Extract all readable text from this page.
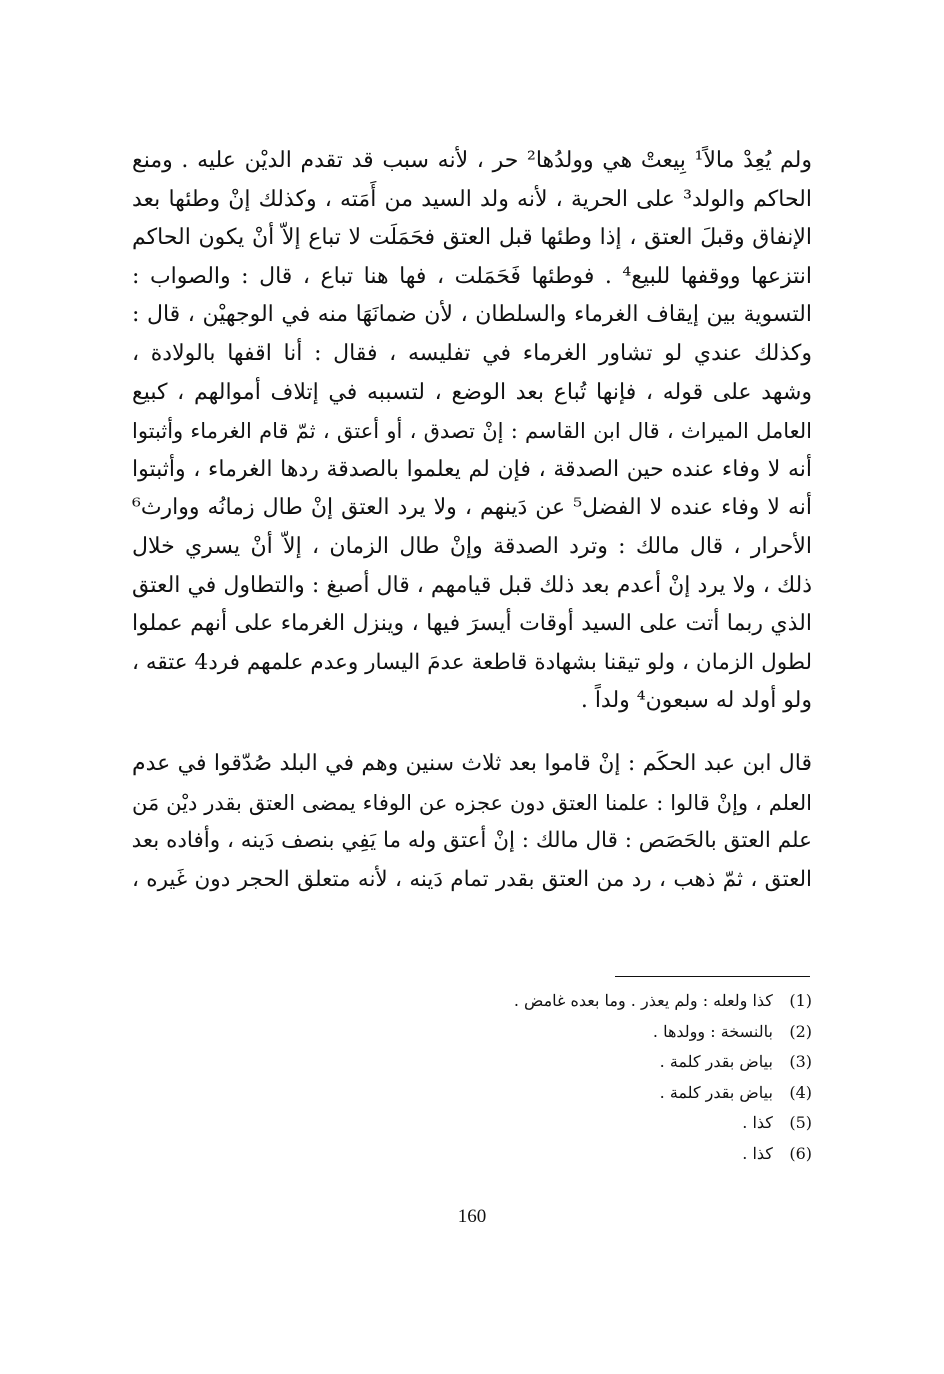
ولم يُعِدْ مالاً¹ بِيعتْ هي وولدُها² حر ، لأنه سبب قد تقدم الديْن عليه . ومنع
الحاكم والولد³ على الحرية ، لأنه ولد السيد من أَمَته ، وكذلك إنْ وطئها بعد
الإنفاق وقبلَ العتق ، إذا وطئها قبل العتق فحَمَلَت لا تباع إلاّ أنْ يكون الحاكم
انتزعها ووقفها للبيع⁴ . فوطئها فَحَمَلت ، فها هنا تباع ، قال : والصواب :
التسوية بين إيقاف الغرماء والسلطان ، لأن ضمانَهَا منه في الوجهيْن ، قال :
وكذلك عندي لو تشاور الغرماء في تفليسه ، فقال : أنا اقفها بالولادة ،
وشهد على قوله ، فإنها تُباع بعد الوضع ، لتسببه في إتلاف أموالهم ، كبيع
العامل الميراث ، قال ابن القاسم : إنْ تصدق ، أو أعتق ، ثمّ قام الغرماء وأثبتوا
أنه لا وفاء عنده حين الصدقة ، فإن لم يعلموا بالصدقة ردها الغرماء ، وأثبتوا
أنه لا وفاء عنده لا الفضل⁵ عن دَينهم ، ولا يرد العتق إنْ طال زمانُه ووارث⁶
الأحرار ، قال مالك : وترد الصدقة وإنْ طال الزمان ، إلاّ أنْ يسري خلال
ذلك ، ولا يرد إنْ أعدم بعد ذلك قبل قيامهم ، قال أصبغ : والتطاول في العتق
الذي ربما أتت على السيد أوقات أيسرَ فيها ، وينزل الغرماء على أنهم عملوا
لطول الزمان ، ولو تيقنا بشهادة قاطعة عدمَ اليسار وعدم علمهم فرد4 عتقه ،
ولو أولد له سبعون⁴ ولداً .
قال ابن عبد الحكَم : إنْ قاموا بعد ثلاث سنين وهم في البلد صُدّقوا في عدم
العلم ، وإنْ قالوا : علمنا العتق دون عجزه عن الوفاء يمضى العتق بقدر ديْن مَن
علم العتق بالحَصَص : قال مالك : إنْ أعتق وله ما يَفِي بنصف دَينه ، وأفاده بعد
العتق ، ثمّ ذهب ، رد من العتق بقدر تمام دَينه ، لأنه متعلق الحجر دون غَيره ،
(1) كذا ولعله : ولم يعذر . وما بعده غامض .
(2) بالنسخة : وولدها .
(3) بياض بقدر كلمة .
(4) بياض بقدر كلمة .
(5) كذا .
(6) كذا .
160
